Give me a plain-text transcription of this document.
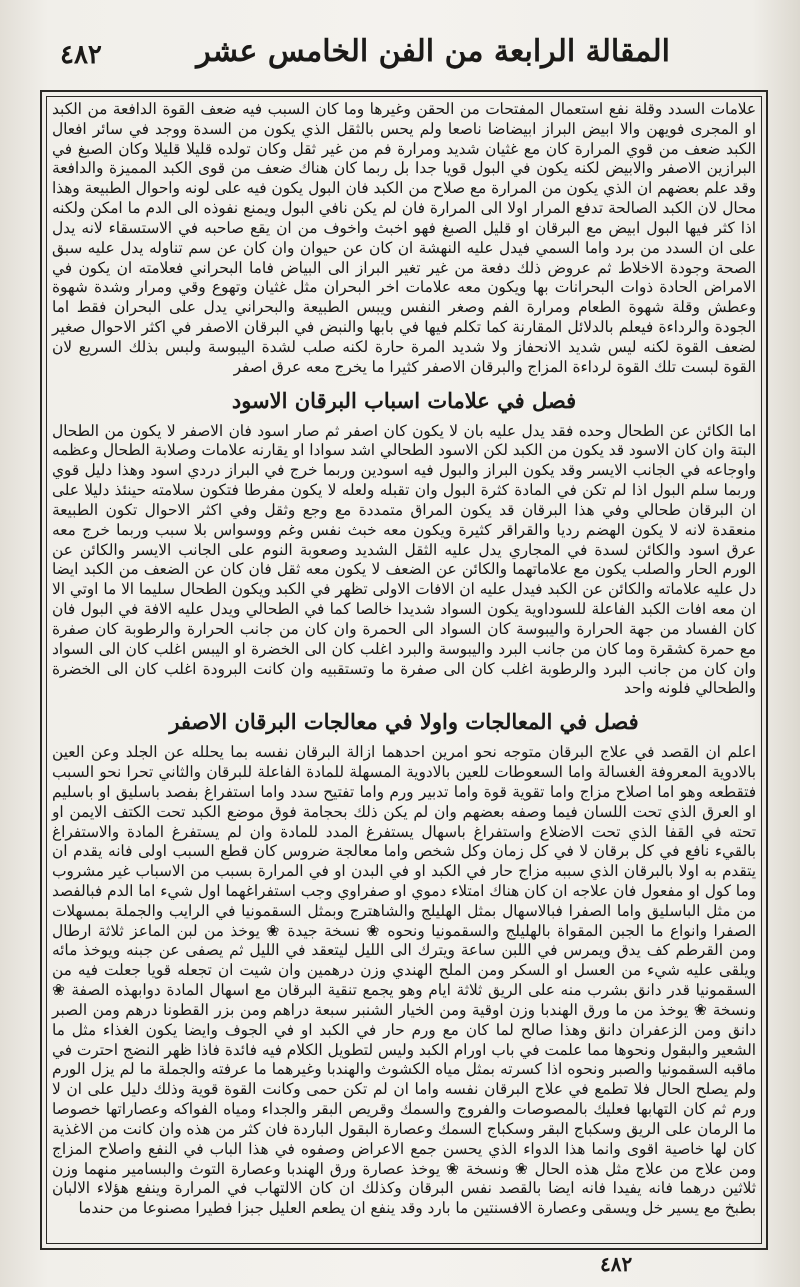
٤٨٢	المقالة الرابعة من الفن الخامس عشر

علامات السدد وقلة نفع استعمال المفتحات من الحقن وغيرها وما كان السبب فيه ضعف القوة الدافعة من الكبد او المجرى فويهن والا ابيض البراز ابيضاضا ناصعا ولم يحس بالثقل الذي يكون من السدة ووجد في سائر افعال الكبد ضعف من قوي المرارة كان مع غثيان شديد ومرارة فم من غير ثقل وكان تولده قليلا قليلا وكان الصبغ في البرازين الاصفر والابيض لكنه يكون في البول قويا جدا بل ربما كان هناك ضعف من قوى الكبد المميزة والدافعة وقد علم بعضهم ان الذي يكون من المرارة مع صلاح من الكبد فان البول يكون فيه على لونه واحوال الطبيعة وهذا محال لان الكبد الصالحة تدفع المرار اولا الى المرارة فان لم يكن نافي البول ويمنع نفوذه الى الدم ما امكن ولكنه اذا كثر فيها البول ابيض مع البرقان او قليل الصبغ فهو اخبث واخوف من ان يقع صاحبه في الاستسقاء لانه يدل على ان السدد من برد واما السمي فيدل عليه النهشة ان كان عن حيوان وان كان عن سم تناوله يدل عليه سبق الصحة وجودة الاخلاط ثم عروض ذلك دفعة من غير تغير البراز الى البياض فاما البحراني فعلامته ان يكون في الامراض الحادة ذوات البحرانات بها ويكون معه علامات اخر البحران مثل غثيان وتهوع وقي ومرار وشدة شهوة وعطش وقلة شهوة الطعام ومرارة الفم وصغر النفس ويبس الطبيعة والبحراني يدل على البحران فقط اما الجودة والرداءة فيعلم بالدلائل المقارنة كما تكلم فيها في بابها والنبض في البرقان الاصفر في اكثر الاحوال صغير لضعف القوة لكنه ليس شديد الانحفاز ولا شديد المرة حارة لكنه صلب لشدة اليبوسة ولبس بذلك السريع لان القوة لبست تلك القوة لرداءة المزاج والبرقان الاصفر كثيرا ما يخرج معه عرق اصفر

فصل في علامات اسباب البرقان الاسود

اما الكائن عن الطحال وحده فقد يدل عليه بان لا يكون كان اصفر ثم صار اسود فان الاصفر لا يكون من الطحال البتة وان كان الاسود قد يكون من الكبد لكن الاسود الطحالي اشد سوادا او يقارنه علامات وصلابة الطحال وعظمه واوجاعه في الجانب الايسر وقد يكون البراز والبول فيه اسودين وربما خرج في البراز دردي اسود وهذا دليل قوي وربما سلم البول اذا لم تكن في المادة كثرة البول وان تقبله ولعله لا يكون مفرطا فتكون سلامته حينئذ دليلا على ان البرقان طحالي وفي هذا البرقان قد يكون المراق متمددة مع وجع وثقل وفي اكثر الاحوال تكون الطبيعة منعقدة لانه لا يكون الهضم رديا والقراقر كثيرة ويكون معه خبث نفس وغم ووسواس بلا سبب وربما خرج معه عرق اسود والكائن لسدة في المجاري يدل عليه الثقل الشديد وصعوبة النوم على الجانب الايسر والكائن عن الورم الحار والصلب يكون مع علاماتهما والكائن عن الضعف لا يكون معه ثقل فان كان عن الضعف من الكبد ايضا دل عليه علاماته والكائن عن الكبد فيدل عليه ان الافات الاولى تظهر في الكبد ويكون الطحال سليما الا ما اوتي الا ان معه افات الكبد الفاعلة للسوداوية يكون السواد شديدا خالصا كما في الطحالي ويدل عليه الافة في البول فان كان الفساد من جهة الحرارة واليبوسة كان السواد الى الحمرة وان كان من جانب الحرارة والرطوبة كان صفرة مع حمرة كشقرة وما كان من جانب البرد واليبوسة والبرد اغلب كان الى الخضرة او اليبس اغلب كان الى السواد وان كان من جانب البرد والرطوبة اغلب كان الى صفرة ما وتستقبيه وان كانت البرودة اغلب كان الى الخضرة والطحالي فلونه واحد

فصل في المعالجات واولا في معالجات البرقان الاصفر

اعلم ان القصد في علاج البرقان متوجه نحو امرين احدهما ازالة البرقان نفسه بما يحلله عن الجلد وعن العين بالادوية المعروفة الغسالة واما السعوطات للعين بالادوية المسهلة للمادة الفاعلة للبرقان والثاني تحرا نحو السبب فتقطعه وهو اما اصلاح مزاج واما تقوية قوة واما تدبير ورم واما تفتيح سدد واما استفراغ بفصد باسليق او باسليم او العرق الذي تحت اللسان فيما وصفه بعضهم وان لم يكن ذلك بحجامة فوق موضع الكبد تحت الكتف الايمن او تحته في القفا الذي تحت الاضلاع واستفراغ باسهال يستفرغ المدد للمادة وان لم يستفرغ المادة والاستفراغ بالقيء نافع في كل برقان لا في كل زمان وكل شخص واما معالجة ضروس كان قطع السبب اولى فانه يقدم ان يتقدم به اولا بالبرقان الذي سببه مزاج حار في الكبد او في البدن او في المرارة بسبب من الاسباب غير مشروب وما كول او مفعول فان علاجه ان كان هناك امتلاء دموي او صفراوي وجب استفراغهما اول شيء اما الدم فبالفصد من مثل الباسليق واما الصفرا فبالاسهال بمثل الهليلج والشاهترج وبمثل السقمونيا في الرايب والجملة بمسهلات الصفرا وانواع ما الجبن المقواة بالهليلج والسقمونيا ونحوه ❀ نسخة جيدة ❀ يوخذ من لبن الماعز ثلاثة ارطال ومن القرطم كف يدق ويمرس في اللبن ساعة ويترك الى الليل ليتعقد في الليل ثم يصفى عن جبنه ويوخذ مائه ويلقى عليه شيء من العسل او السكر ومن الملح الهندي وزن درهمين وان شيت ان تجعله قويا جعلت فيه من السقمونيا قدر دانق بشرب منه على الريق ثلاثة ايام وهو يجمع تنقية البرقان مع اسهال المادة دوابهذه الصفة ❀ ونسخة ❀ يوخذ من ما ورق الهندبا وزن اوقية ومن الخيار الشنبر سبعة دراهم ومن بزر القطونا درهم ومن الصبر دانق ومن الزعفران دانق وهذا صالح لما كان مع ورم حار في الكبد او في الجوف وايضا يكون الغذاء مثل ما الشعير والبقول ونحوها مما علمت في باب اورام الكبد وليس لتطويل الكلام فيه فائدة فاذا ظهر النضج احترت في ماقبه السقمونيا والصبر ونحوه اذا كسرته بمثل مياه الكشوث والهندبا وغيرهما ما عرفته والجملة ما لم يزل الورم ولم يصلح الحال فلا تطمع في علاج البرقان نفسه واما ان لم تكن حمى وكانت القوة قوية وذلك دليل على ان لا ورم ثم كان التهابها فعليك بالمصوصات والفروج والسمك وقريص البقر والجداء ومياه الفواكه وعصاراتها خصوصا ما الرمان على الريق وسكباج البقر وسكباج السمك وعصارة البقول الباردة فان كثر من هذه وان كانت من الاغذية كان لها خاصية اقوى وانما هذا الدواء الذي يحسن جمع الاعراض وصفوه في هذا الباب في النفع واصلاح المزاج ومن علاج من علاج مثل هذه الحال ❀ ونسخة ❀ يوخذ عصارة ورق الهندبا وعصارة التوث والبسامير منهما وزن ثلاثين درهما فانه يفيدا فانه ايضا بالقصد نفس البرقان وكذلك ان كان الالتهاب في المرارة وينفع هؤلاء الالبان بطبخ مع يسير خل ويسقى وعصارة الافسنتين ما بارد وقد ينفع ان يطعم العليل جبزا فطيرا مصنوعا من حندما

٤٨٢
